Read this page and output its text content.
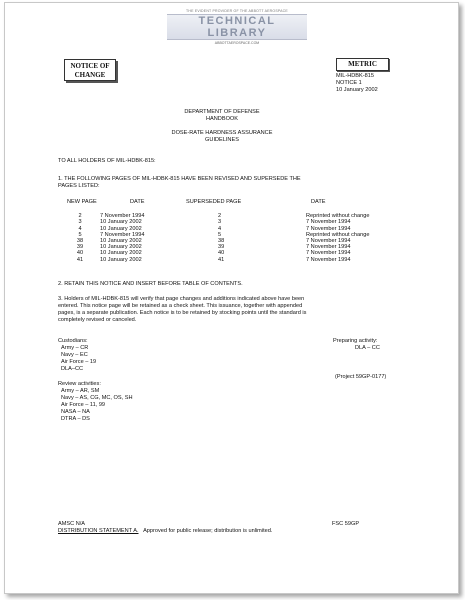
THE EVIDENT PROVIDER OF THE ABBOTT AEROSPACE
TECHNICAL LIBRARY
ABBOTTAEROSPACE.COM
NOTICE OF
CHANGE
METRIC
MIL-HDBK-815
NOTICE 1
10 January 2002
DEPARTMENT OF DEFENSE
HANDBOOK
DOSE-RATE HARDNESS ASSURANCE
GUIDELINES
TO ALL HOLDERS OF MIL-HDBK-815:
1. THE FOLLOWING PAGES OF MIL-HDBK-815 HAVE BEEN REVISED AND SUPERSEDE THE
PAGES LISTED:
NEW PAGE	DATE	SUPERSEDED PAGE	DATE
2	7 November 1994	2	Reprinted without change
3	10 January 2002	3	7 November 1994
4	10 January 2002	4	7 November 1994
5	7 November 1994	5	Reprinted without change
38	10 January 2002	38	7 November 1994
39	10 January 2002	39	7 November 1994
40	10 January 2002	40	7 November 1994
41	10 January 2002	41	7 November 1994
2. RETAIN THIS NOTICE AND INSERT BEFORE TABLE OF CONTENTS.
3. Holders of MIL-HDBK-815 will verify that page changes and additions indicated above have been
entered. This notice page will be retained as a check sheet. This issuance, together with appended
pages, is a separate publication. Each notice is to be retained by stocking points until the standard is
completely revised or canceled.
Custodians:
Army – CR
Navy – EC
Air Force – 19
DLA–CC
Preparing activity:
DLA – CC
(Project 59GP-0177)
Review activities:
Army – AR, SM
Navy – AS, CG, MC, OS, SH
Air Force – 11, 99
NASA – NA
DTRA – DS
AMSC N/A	FSC 59GP
DISTRIBUTION STATEMENT A. Approved for public release; distribution is unlimited.
